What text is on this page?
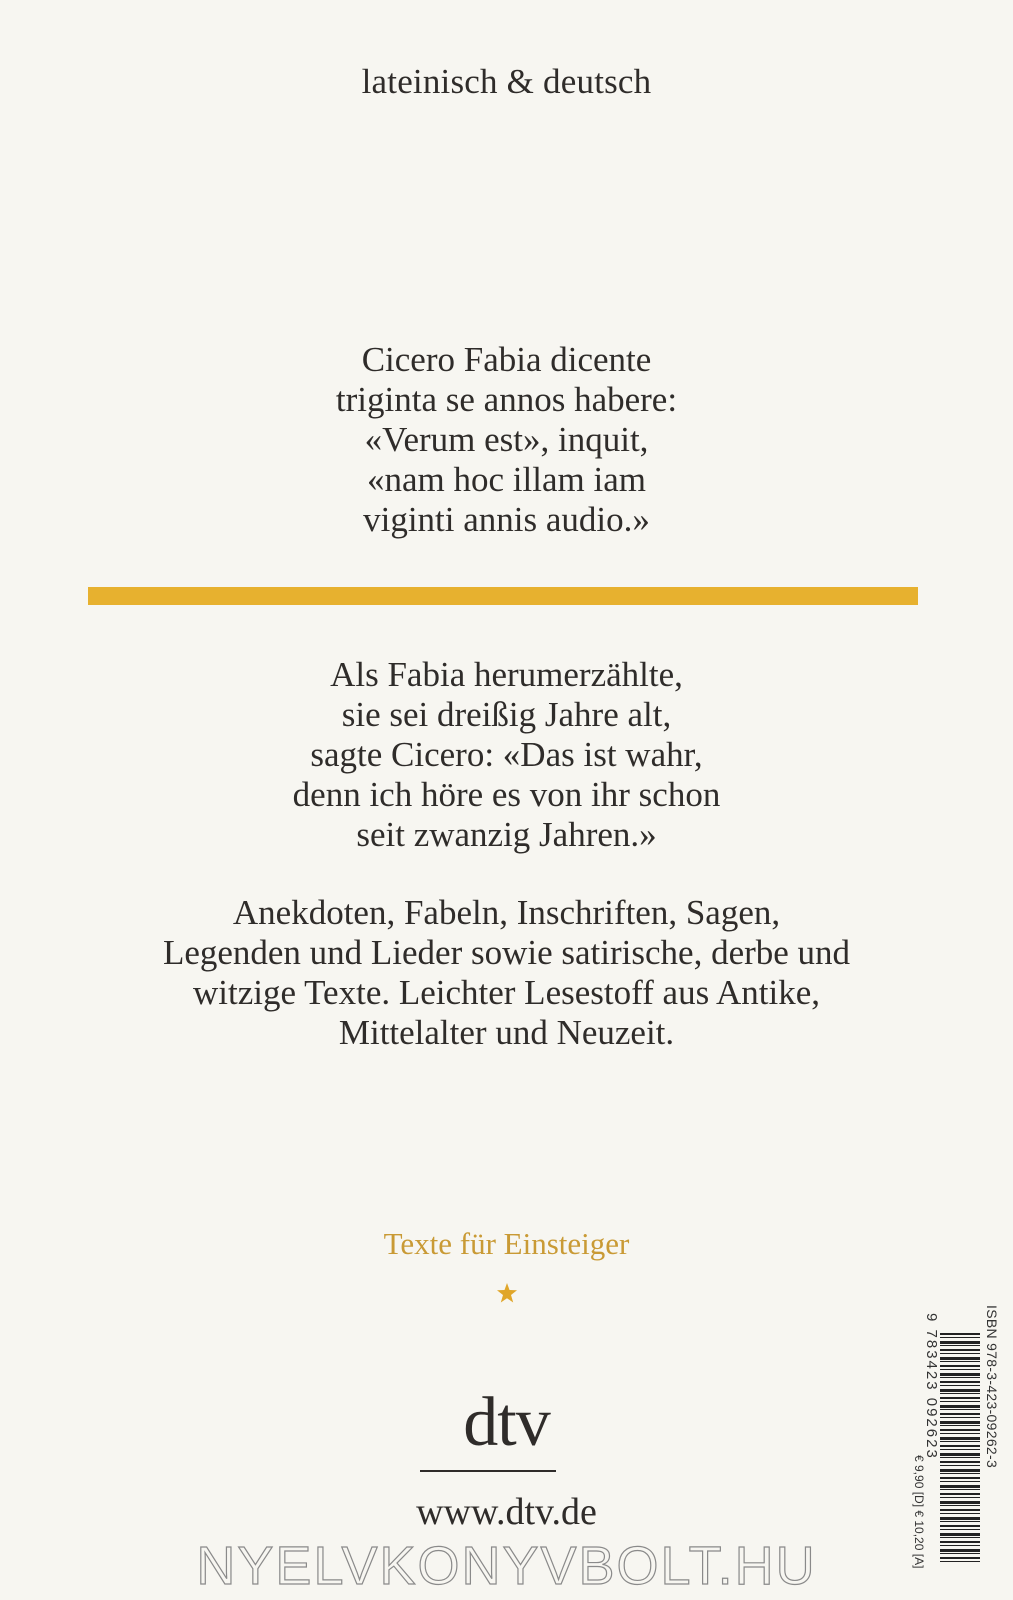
lateinisch & deutsch
Cicero Fabia dicente
triginta se annos habere:
«Verum est», inquit,
«nam hoc illam iam
viginti annis audio.»
Als Fabia herumerzählte,
sie sei dreißig Jahre alt,
sagte Cicero: «Das ist wahr,
denn ich höre es von ihr schon
seit zwanzig Jahren.»
Anekdoten, Fabeln, Inschriften, Sagen,
Legenden und Lieder sowie satirische, derbe und
witzige Texte. Leichter Lesestoff aus Antike,
Mittelalter und Neuzeit.
Texte für Einsteiger
dtv
www.dtv.de
ISBN 978-3-423-09262-3
9 783423 092623
€ 9,90 [D] € 10,20 [A]
NYELVKONYVBOLT.HU
